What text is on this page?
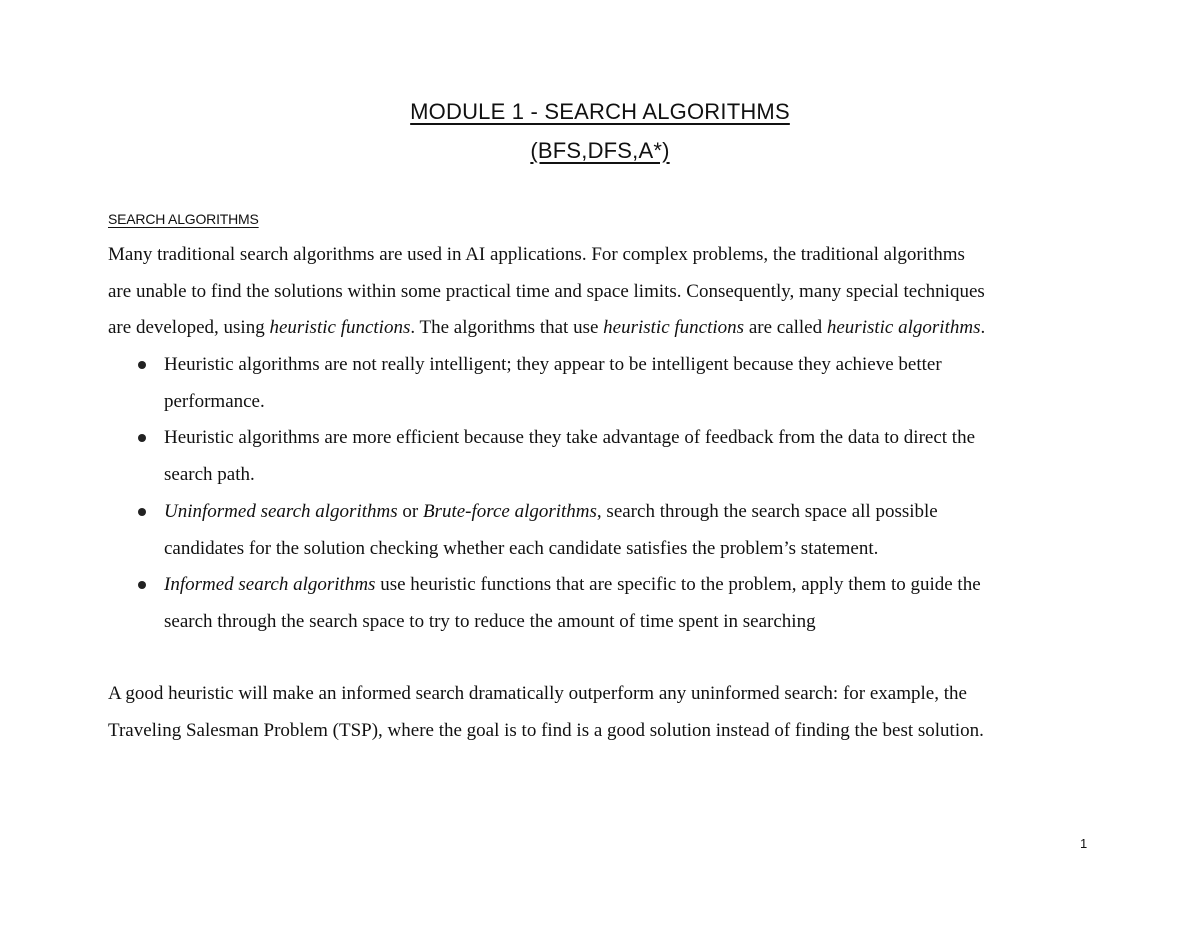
MODULE 1 - SEARCH ALGORITHMS
(BFS,DFS,A*)
SEARCH ALGORITHMS
Many traditional search algorithms are used in AI applications. For complex problems, the traditional algorithms
are unable to find the solutions within some practical time and space limits. Consequently, many special techniques
are developed, using heuristic functions. The algorithms that use heuristic functions are called heuristic algorithms.
Heuristic algorithms are not really intelligent; they appear to be intelligent because they achieve better
performance.
Heuristic algorithms are more efficient because they take advantage of feedback from the data to direct the
search path.
Uninformed search algorithms or Brute-force algorithms, search through the search space all possible
candidates for the solution checking whether each candidate satisfies the problem’s statement.
Informed search algorithms use heuristic functions that are specific to the problem, apply them to guide the
search through the search space to try to reduce the amount of time spent in searching
A good heuristic will make an informed search dramatically outperform any uninformed search: for example, the
Traveling Salesman Problem (TSP), where the goal is to find is a good solution instead of finding the best solution.
1
